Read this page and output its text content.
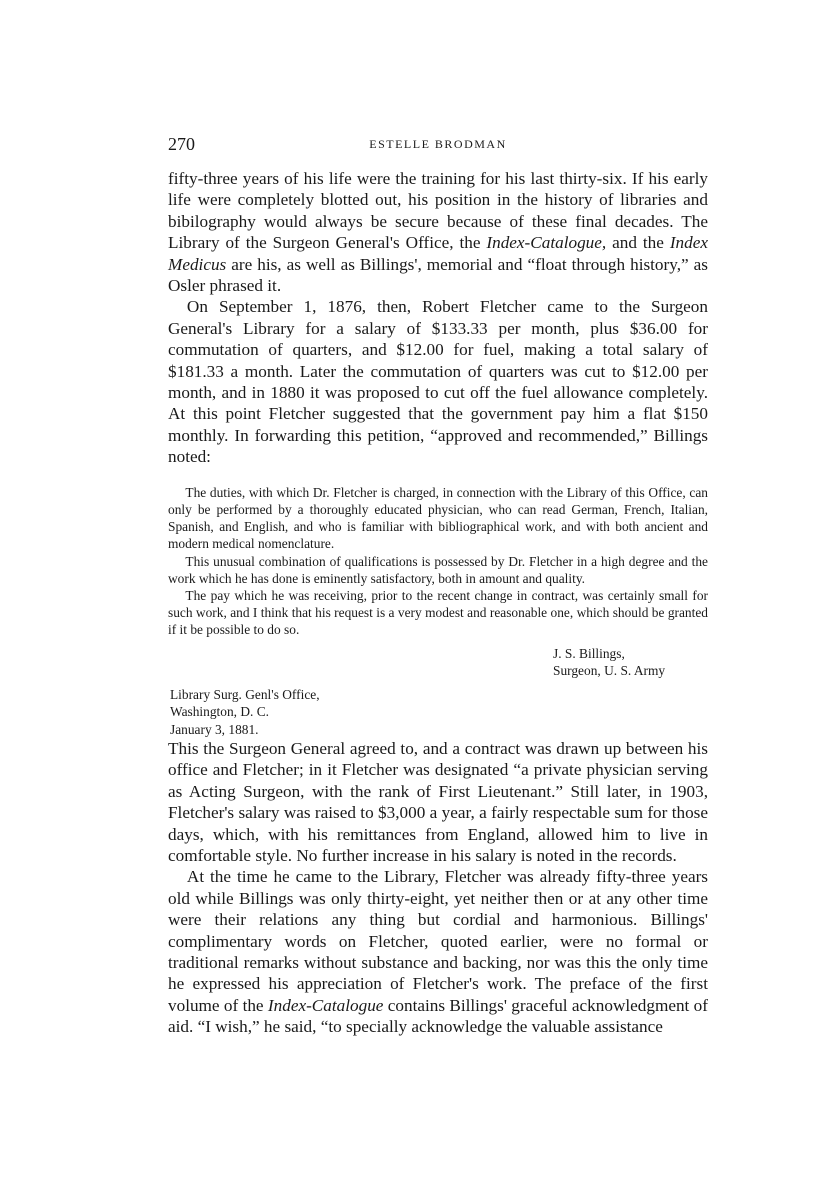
270	ESTELLE BRODMAN

fifty-three years of his life were the training for his last thirty-six. If his early life were completely blotted out, his position in the history of libraries and bibilography would always be secure because of these final decades. The Library of the Surgeon General's Office, the Index-Catalogue, and the Index Medicus are his, as well as Billings', memorial and “float through history,” as Osler phrased it.

On September 1, 1876, then, Robert Fletcher came to the Surgeon General's Library for a salary of $133.33 per month, plus $36.00 for commutation of quarters, and $12.00 for fuel, making a total salary of $181.33 a month. Later the commutation of quarters was cut to $12.00 per month, and in 1880 it was proposed to cut off the fuel allowance completely. At this point Fletcher suggested that the government pay him a flat $150 monthly. In forwarding this petition, “approved and recommended,” Billings noted:

The duties, with which Dr. Fletcher is charged, in connection with the Library of this Office, can only be performed by a thoroughly educated physician, who can read German, French, Italian, Spanish, and English, and who is familiar with bibliographical work, and with both ancient and modern medical nomenclature.

This unusual combination of qualifications is possessed by Dr. Fletcher in a high degree and the work which he has done is eminently satisfactory, both in amount and quality.

The pay which he was receiving, prior to the recent change in contract, was certainly small for such work, and I think that his request is a very modest and reasonable one, which should be granted if it be possible to do so.

J. S. Billings,
Surgeon, U. S. Army
Library Surg. Genl's Office,
Washington, D. C.
January 3, 1881.

This the Surgeon General agreed to, and a contract was drawn up between his office and Fletcher; in it Fletcher was designated “a private physician serving as Acting Surgeon, with the rank of First Lieutenant.” Still later, in 1903, Fletcher's salary was raised to $3,000 a year, a fairly respectable sum for those days, which, with his remittances from England, allowed him to live in comfortable style. No further increase in his salary is noted in the records.

At the time he came to the Library, Fletcher was already fifty-three years old while Billings was only thirty-eight, yet neither then or at any other time were their relations any thing but cordial and harmonious. Billings' complimentary words on Fletcher, quoted earlier, were no formal or traditional remarks without substance and backing, nor was this the only time he expressed his appreciation of Fletcher's work. The preface of the first volume of the Index-Catalogue contains Billings' graceful acknowledgment of aid. “I wish,” he said, “to specially acknowledge the valuable assistance
